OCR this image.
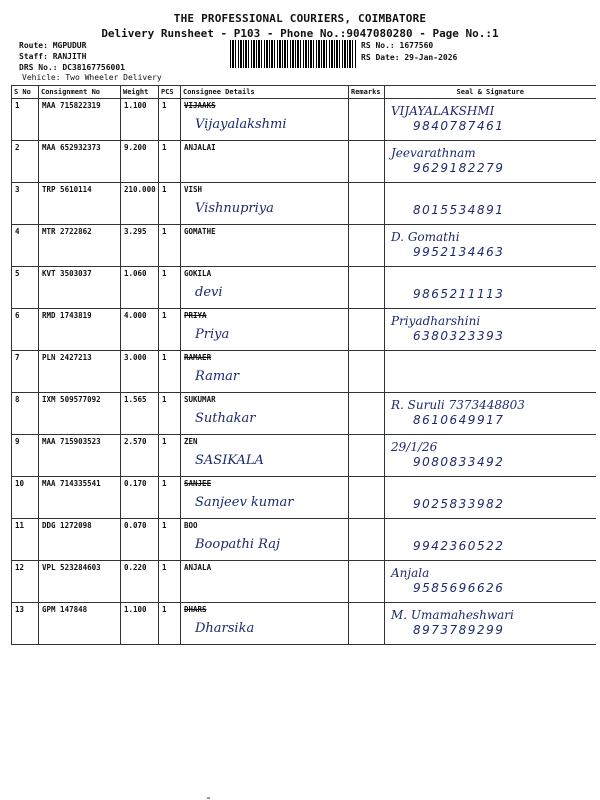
THE PROFESSIONAL COURIERS, COIMBATORE
Delivery Runsheet - P103 - Phone No.:9047080280 - Page No.:1
Route: MGPUDUR
Staff: RANJITH
DRS No.: DC38167756001
Vehicle: Two Wheeler Delivery
RS No.: 1677560
RS Date: 29-Jan-2026
S No	Consignment No	Weight	PCS	Consignee Details	Remarks	Seal & Signature
1	MAA 715822319	1.100	1	VIJAAKS
Vijayalakshmi		VIJAYALAKSHMI
9840787461

2	MAA 652932373	9.200	1	ANJALAI		Jeevarathnam
9629182279

3	TRP 5610114	210.000	1	VISH
Vishnupriya		8015534891

4	MTR 2722862	3.295	1	GOMATHE		D. Gomathi
9952134463

5	KVT 3503037	1.060	1	GOKILA
devi		9865211113

6	RMD 1743819	4.000	1	PRIYA
Priya		Priyadharshini
6380323393

7	PLN 2427213	3.000	1	RAMAER
Ramar		

8	IXM 509577092	1.565	1	SUKUMAR
Suthakar		R. Suruli 7373448803
8610649917

9	MAA 715903523	2.570	1	ZEN
SASIKALA		29/1/26
9080833492

10	MAA 714335541	0.170	1	SANJEE
Sanjeev kumar		9025833982

11	DDG 1272098	0.070	1	BOO
Boopathi Raj		9942360522

12	VPL 523284603	0.220	1	ANJALA		Anjala
9585696626

13	GPM 147848	1.100	1	DHARS
Dharsika		M. Umamaheshwari
8973789299
